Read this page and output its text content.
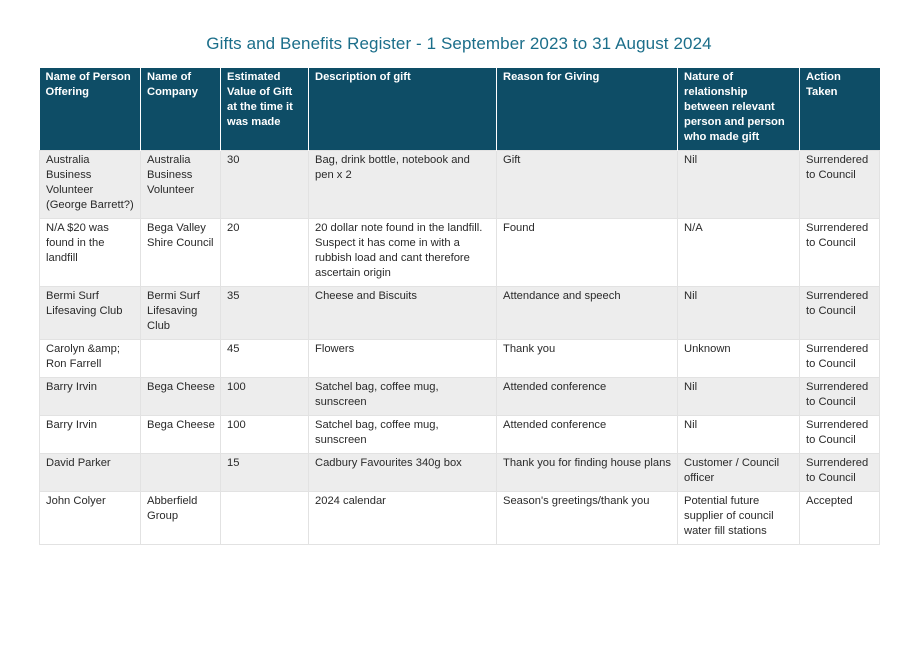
Gifts and Benefits Register - 1 September 2023 to 31 August 2024
Name of Person Offering	Name of Company	Estimated Value of Gift at the time it was made	Description of gift	Reason for Giving	Nature of relationship between relevant person and person who made gift	Action Taken
Australia Business Volunteer (George Barrett?)	Australia Business Volunteer	30	Bag, drink bottle, notebook and pen x 2	Gift	Nil	Surrendered to Council
N/A $20 was found in the landfill	Bega Valley Shire Council	20	20 dollar note found in the landfill. Suspect it has come in with a rubbish load and cant therefore ascertain origin	Found	N/A	Surrendered to Council
Bermi Surf Lifesaving Club	Bermi Surf Lifesaving Club	35	Cheese and Biscuits	Attendance and speech	Nil	Surrendered to Council
Carolyn &amp; Ron Farrell		45	Flowers	Thank you	Unknown	Surrendered to Council
Barry Irvin	Bega Cheese	100	Satchel bag, coffee mug, sunscreen	Attended conference	Nil	Surrendered to Council
Barry Irvin	Bega Cheese	100	Satchel bag, coffee mug, sunscreen	Attended conference	Nil	Surrendered to Council
David Parker		15	Cadbury Favourites 340g box	Thank you for finding house plans	Customer / Council officer	Surrendered to Council
John Colyer	Abberfield Group		2024 calendar	Season's greetings/thank you	Potential future supplier of council water fill stations	Accepted
